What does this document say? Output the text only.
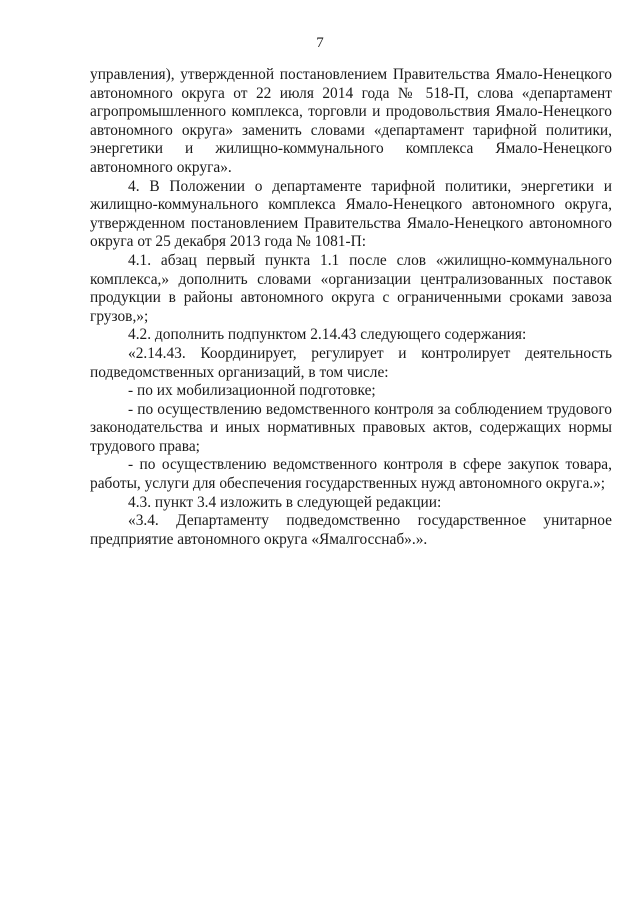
7

управления), утвержденной постановлением Правительства Ямало-Ненецкого автономного округа от 22 июля 2014 года № 518-П, слова «департамент агропромышленного комплекса, торговли и продовольствия Ямало-Ненецкого автономного округа» заменить словами «департамент тарифной политики, энергетики и жилищно-коммунального комплекса Ямало-Ненецкого автономного округа».

4. В Положении о департаменте тарифной политики, энергетики и жилищно-коммунального комплекса Ямало-Ненецкого автономного округа, утвержденном постановлением Правительства Ямало-Ненецкого автономного округа от 25 декабря 2013 года № 1081-П:

4.1. абзац первый пункта 1.1 после слов «жилищно-коммунального комплекса,» дополнить словами «организации централизованных поставок продукции в районы автономного округа с ограниченными сроками завоза грузов,»;

4.2. дополнить подпунктом 2.14.43 следующего содержания:

«2.14.43. Координирует, регулирует и контролирует деятельность подведомственных организаций, в том числе:

- по их мобилизационной подготовке;

- по осуществлению ведомственного контроля за соблюдением трудового законодательства и иных нормативных правовых актов, содержащих нормы трудового права;

- по осуществлению ведомственного контроля в сфере закупок товара, работы, услуги для обеспечения государственных нужд автономного округа.»;

4.3. пункт 3.4 изложить в следующей редакции:

«3.4. Департаменту подведомственно государственное унитарное предприятие автономного округа «Ямалгосснаб».».
